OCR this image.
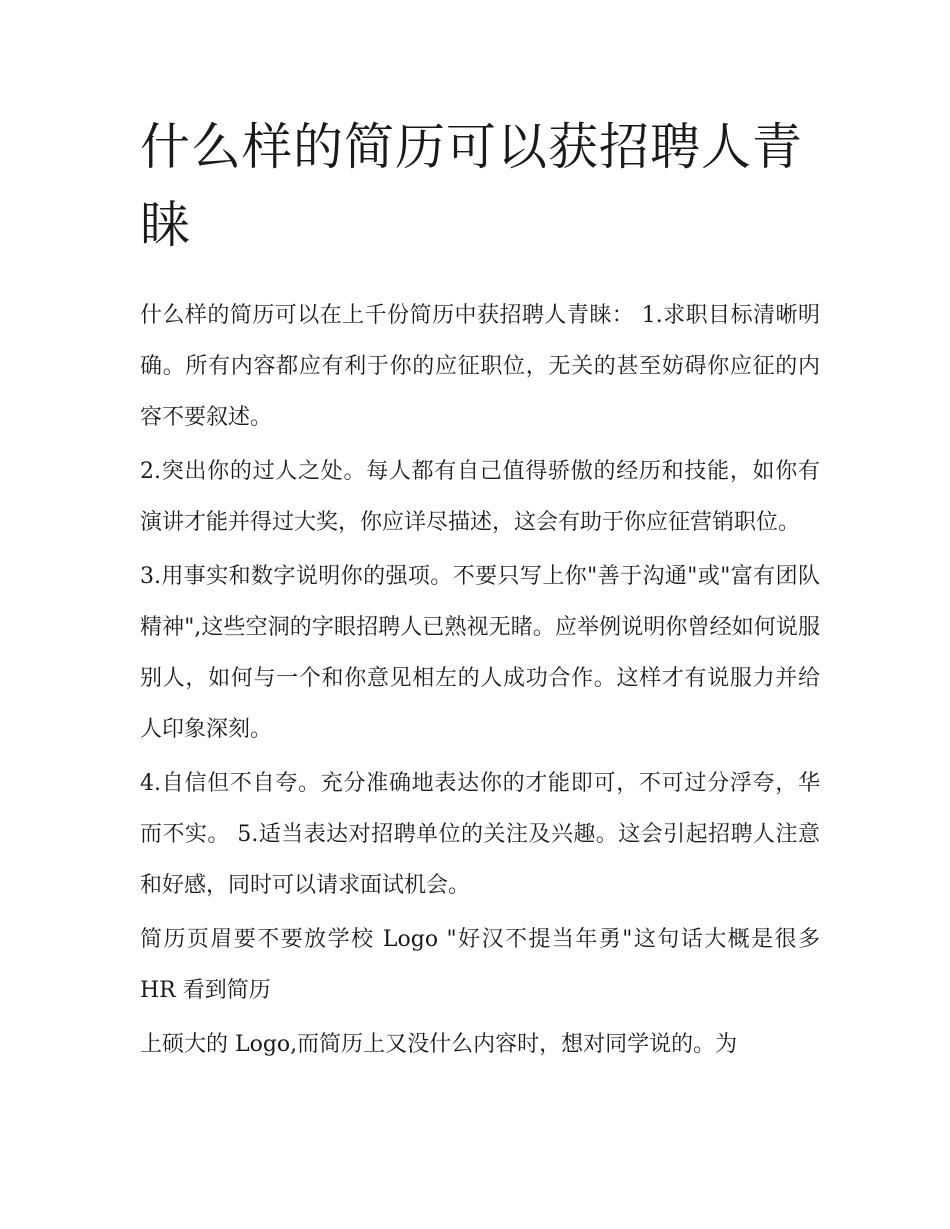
什么样的简历可以获招聘人青睐

什么样的简历可以在上千份简历中获招聘人青睐： 1.求职目标清晰明确。所有内容都应有利于你的应征职位，无关的甚至妨碍你应征的内容不要叙述。

2.突出你的过人之处。每人都有自己值得骄傲的经历和技能，如你有演讲才能并得过大奖，你应详尽描述，这会有助于你应征营销职位。

3.用事实和数字说明你的强项。不要只写上你"善于沟通"或"富有团队精神",这些空洞的字眼招聘人已熟视无睹。应举例说明你曾经如何说服别人，如何与一个和你意见相左的人成功合作。这样才有说服力并给人印象深刻。

4.自信但不自夸。充分准确地表达你的才能即可，不可过分浮夸，华而不实。 5.适当表达对招聘单位的关注及兴趣。这会引起招聘人注意和好感，同时可以请求面试机会。

简历页眉要不要放学校 Logo "好汉不提当年勇"这句话大概是很多 HR 看到简历

上硕大的 Logo,而简历上又没什么内容时，想对同学说的。为
